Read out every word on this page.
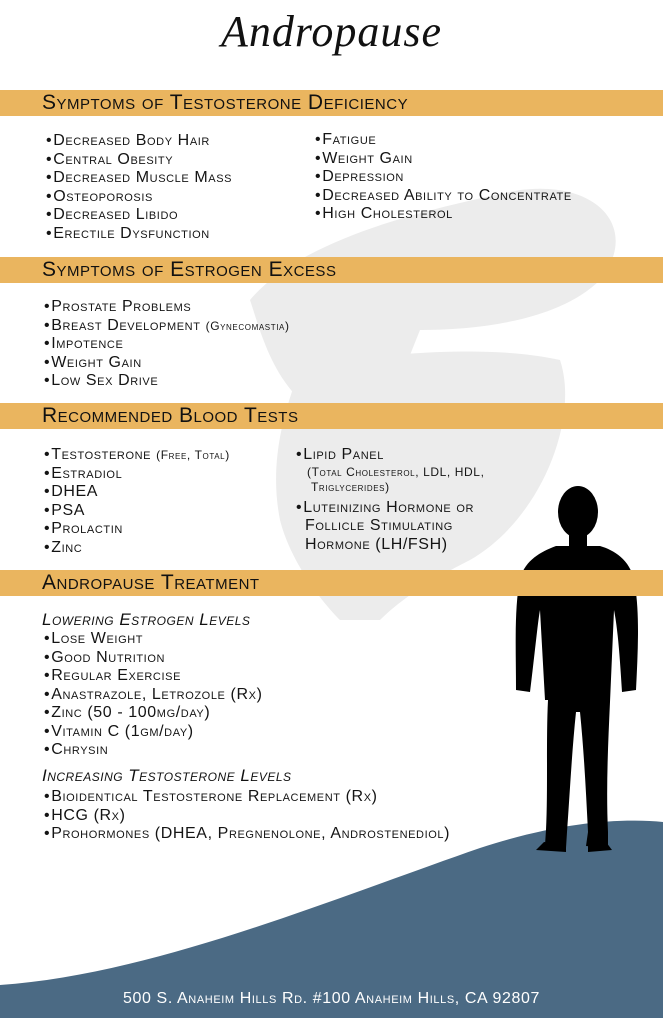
Andropause
Symptoms of Testosterone Deficiency
• Decreased Body Hair
• Central Obesity
• Decreased Muscle Mass
• Osteoporosis
• Decreased Libido
• Erectile Dysfunction
• Fatigue
• Weight Gain
• Depression
• Decreased Ability to Concentrate
• High Cholesterol
Symptoms of Estrogen Excess
• Prostate Problems
• Breast Development (Gynecomastia)
• Impotence
• Weight Gain
• Low Sex Drive
Recommended Blood Tests
• Testosterone (Free, Total)
• Estradiol
• DHEA
• PSA
• Prolactin
• Zinc
• Lipid Panel
(Total Cholesterol, LDL, HDL,
Triglycerides)
• Luteinizing Hormone or
Follicle Stimulating
Hormone (LH/FSH)
Andropause Treatment
Lowering Estrogen Levels
• Lose Weight
• Good Nutrition
• Regular Exercise
• Anastrazole, Letrozole (Rx)
• Zinc (50 - 100mg/day)
• Vitamin C (1gm/day)
• Chrysin
Increasing Testosterone Levels
• Bioidentical Testosterone Replacement (Rx)
• HCG (Rx)
• Prohormones (DHEA, Pregnenolone, Androstenediol)
500 S. Anaheim Hills Rd. #100 Anaheim Hills, CA 92807
